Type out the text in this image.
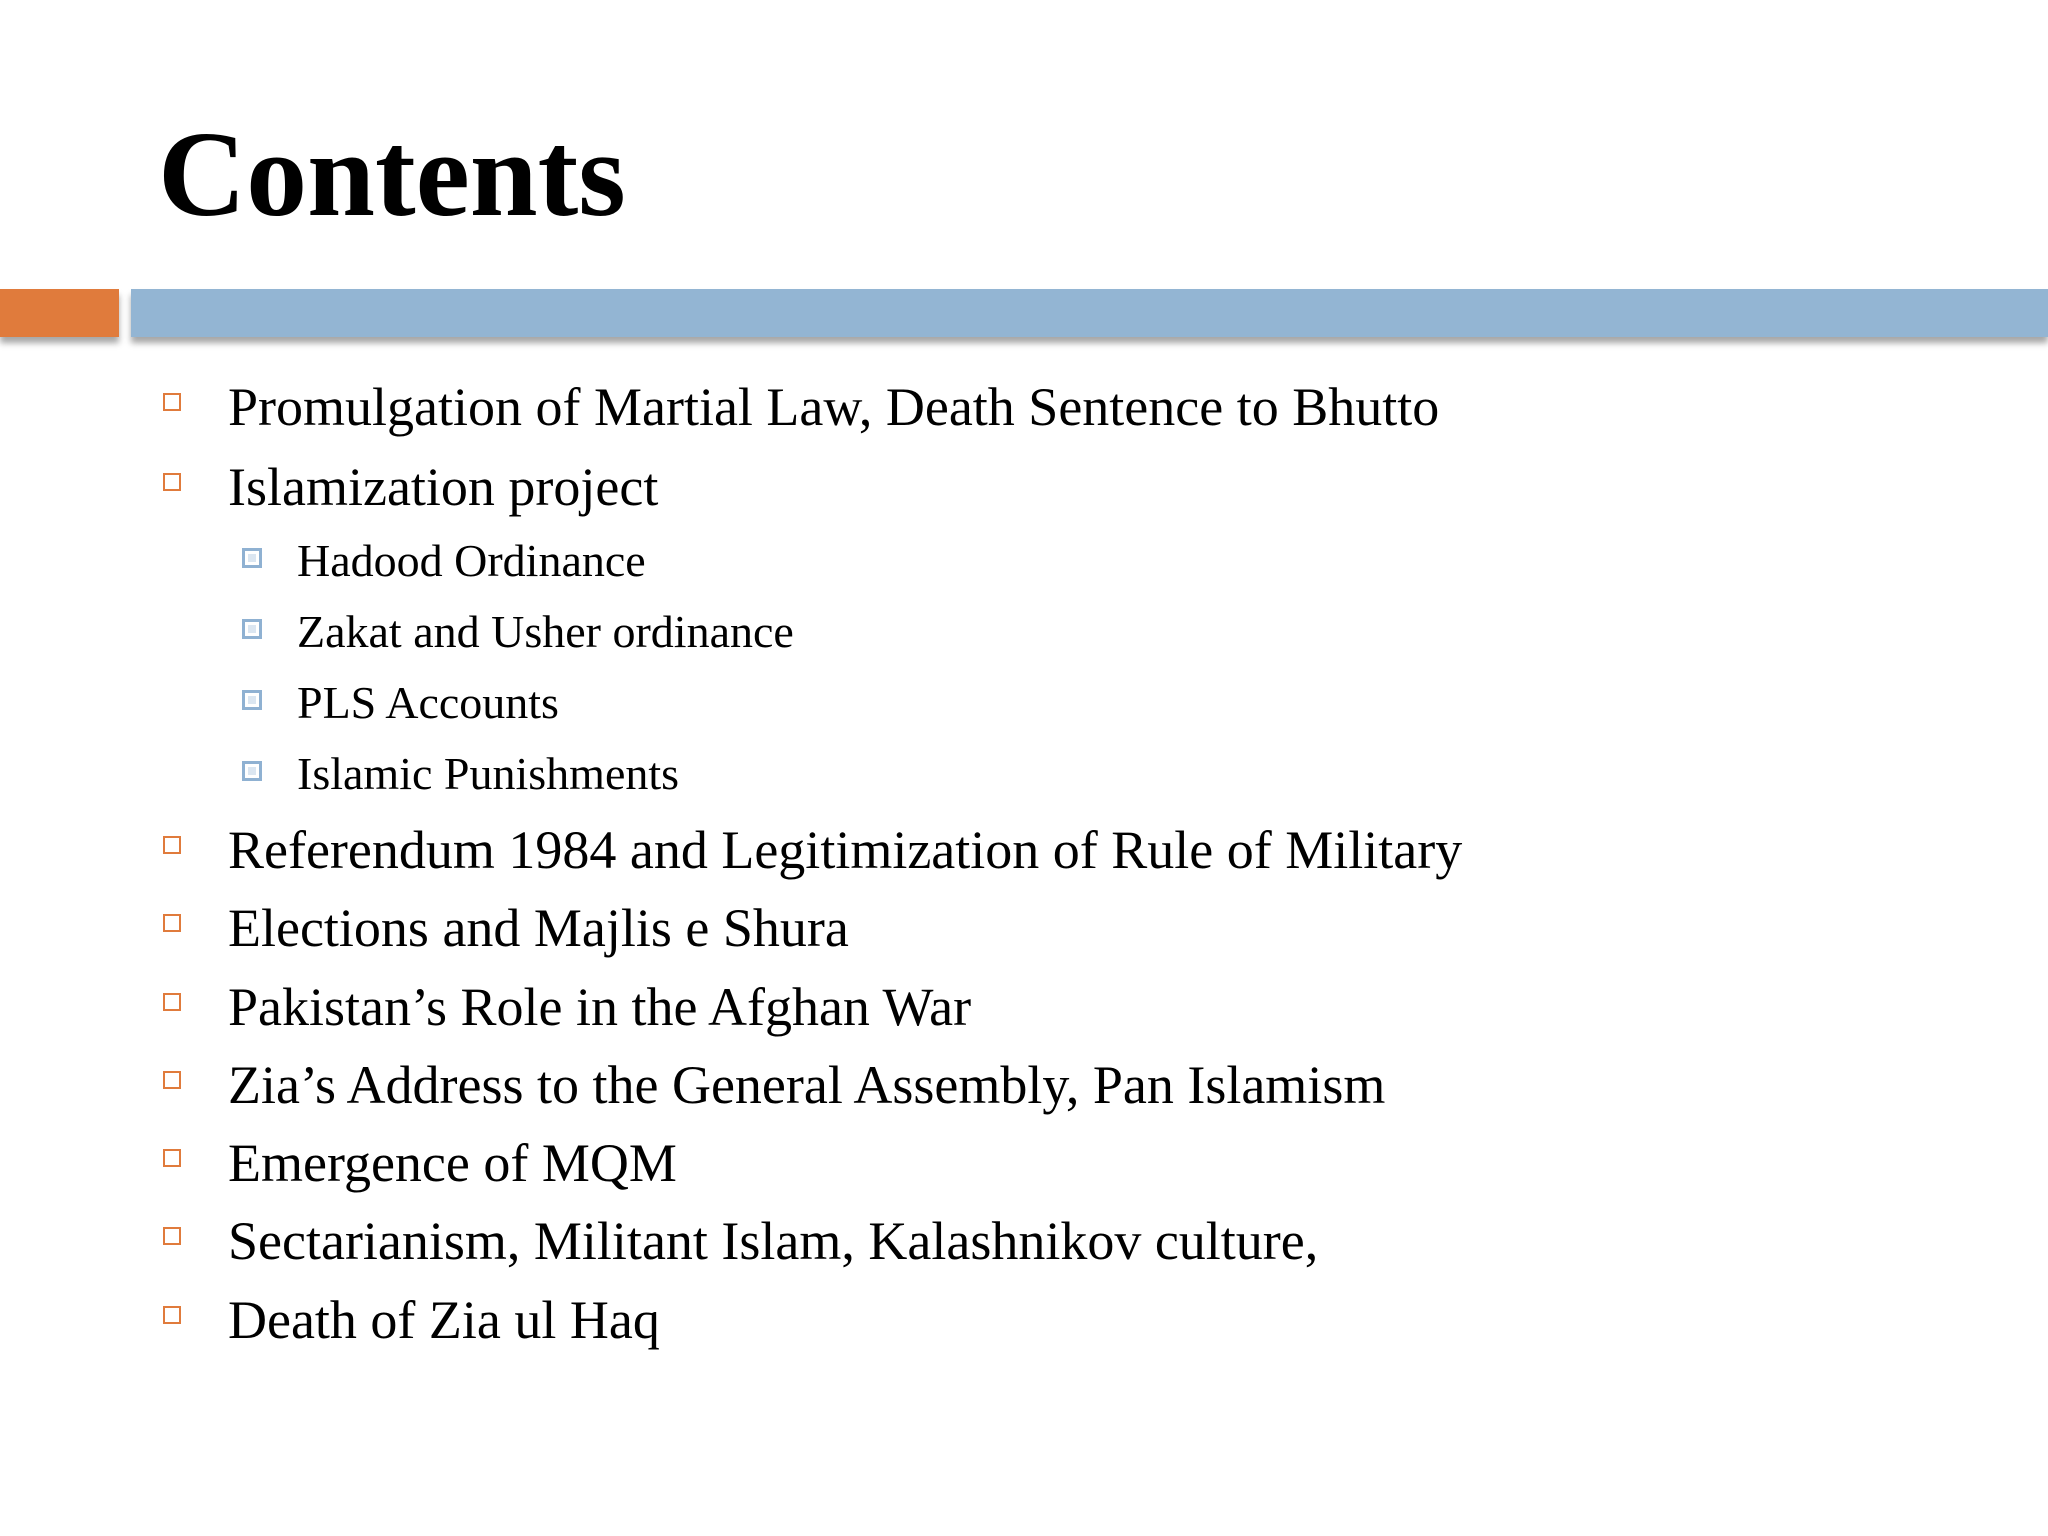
Contents
Promulgation of Martial Law, Death Sentence to Bhutto
Islamization project
Hadood Ordinance
Zakat and Usher ordinance
PLS Accounts
Islamic Punishments
Referendum 1984 and Legitimization of Rule of Military
Elections and Majlis e Shura
Pakistan’s Role in the Afghan War
Zia’s Address to the General Assembly, Pan Islamism
Emergence of MQM
Sectarianism, Militant Islam, Kalashnikov culture,
Death of Zia ul Haq
